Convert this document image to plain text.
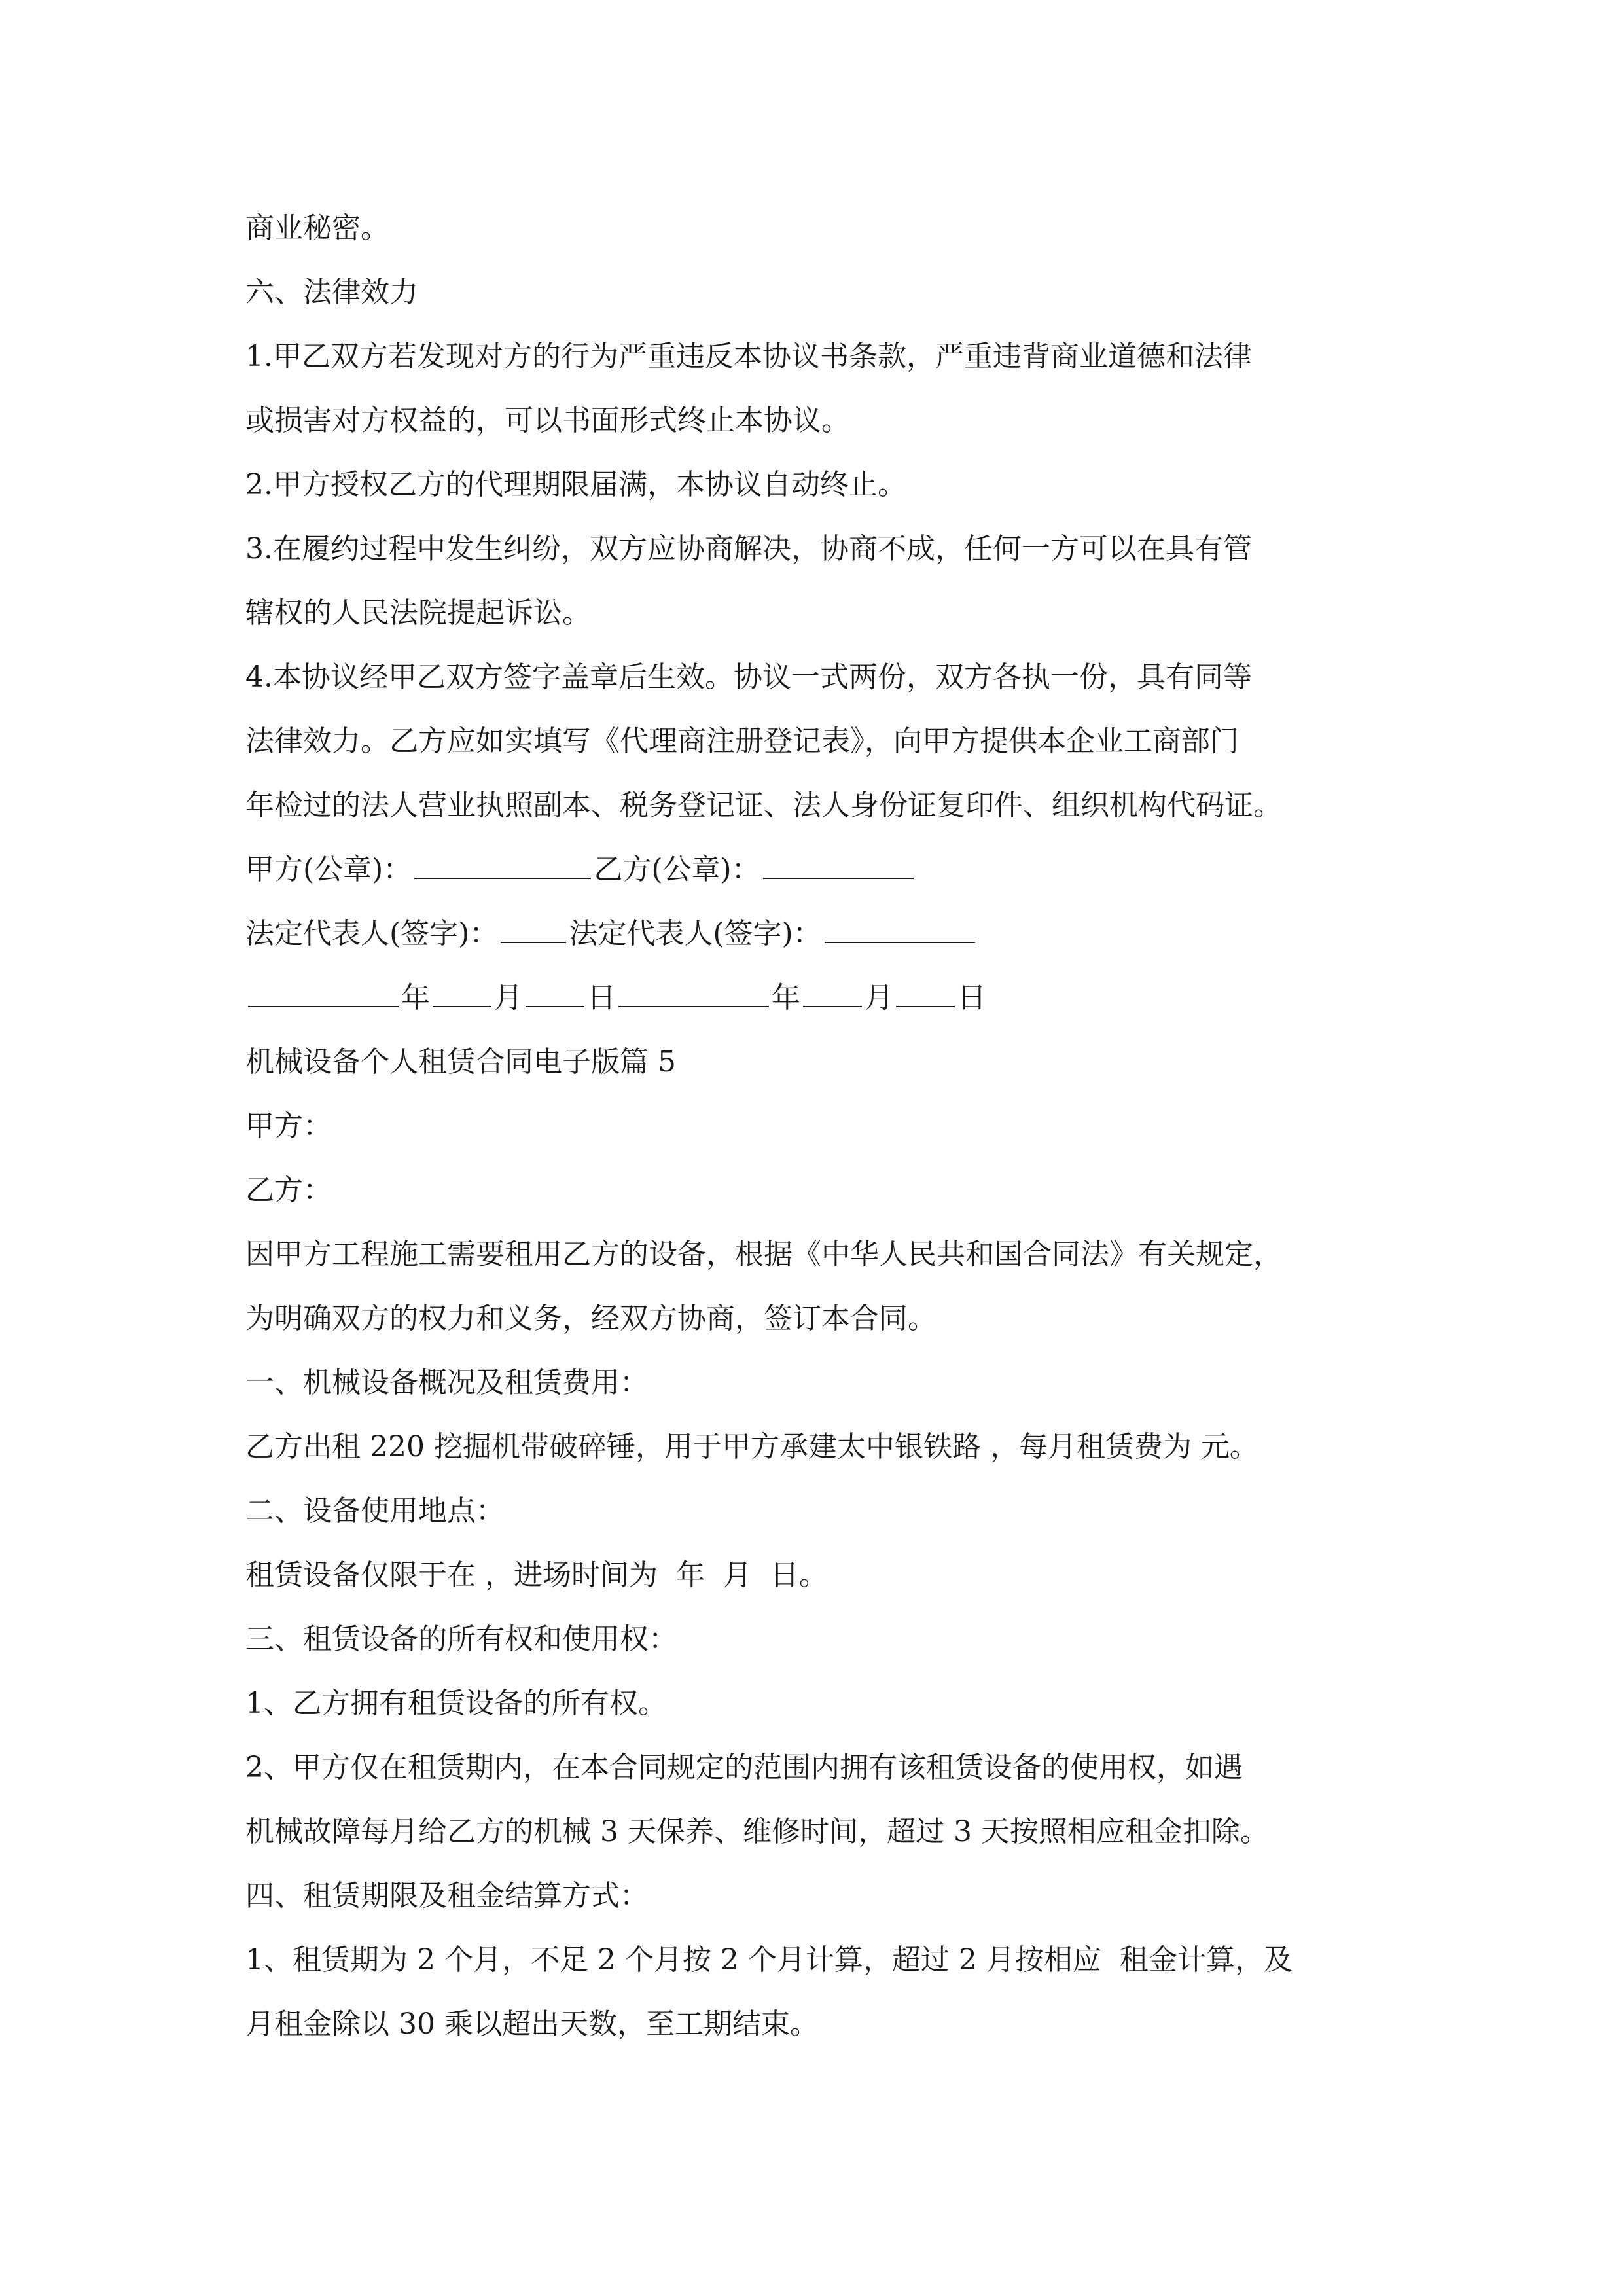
商业秘密。
六、法律效力
1.甲乙双方若发现对方的行为严重违反本协议书条款，严重违背商业道德和法律
或损害对方权益的，可以书面形式终止本协议。
2.甲方授权乙方的代理期限届满，本协议自动终止。
3.在履约过程中发生纠纷，双方应协商解决，协商不成，任何一方可以在具有管
辖权的人民法院提起诉讼。
4.本协议经甲乙双方签字盖章后生效。协议一式两份，双方各执一份，具有同等
法律效力。乙方应如实填写《代理商注册登记表》，向甲方提供本企业工商部门
年检过的法人营业执照副本、税务登记证、法人身份证复印件、组织机构代码证。
甲方(公章)：	乙方(公章)：
法定代表人(签字)： 法定代表人(签字)：
年 月 日	年 月 日
机械设备个人租赁合同电子版篇 5
甲方：
乙方：
因甲方工程施工需要租用乙方的设备，根据《中华人民共和国合同法》有关规定，
为明确双方的权力和义务，经双方协商，签订本合同。
一、机械设备概况及租赁费用：
乙方出租 220 挖掘机带破碎锤，用于甲方承建太中银铁路 ，每月租赁费为 元。
二、设备使用地点：
租赁设备仅限于在 ，进场时间为  年  月  日。
三、租赁设备的所有权和使用权：
1、乙方拥有租赁设备的所有权。
2、甲方仅在租赁期内，在本合同规定的范围内拥有该租赁设备的使用权，如遇
机械故障每月给乙方的机械 3 天保养、维修时间，超过 3 天按照相应租金扣除。
四、租赁期限及租金结算方式：
1、租赁期为 2 个月，不足 2 个月按 2 个月计算，超过 2 月按相应  租金计算，及
月租金除以 30 乘以超出天数，至工期结束。
